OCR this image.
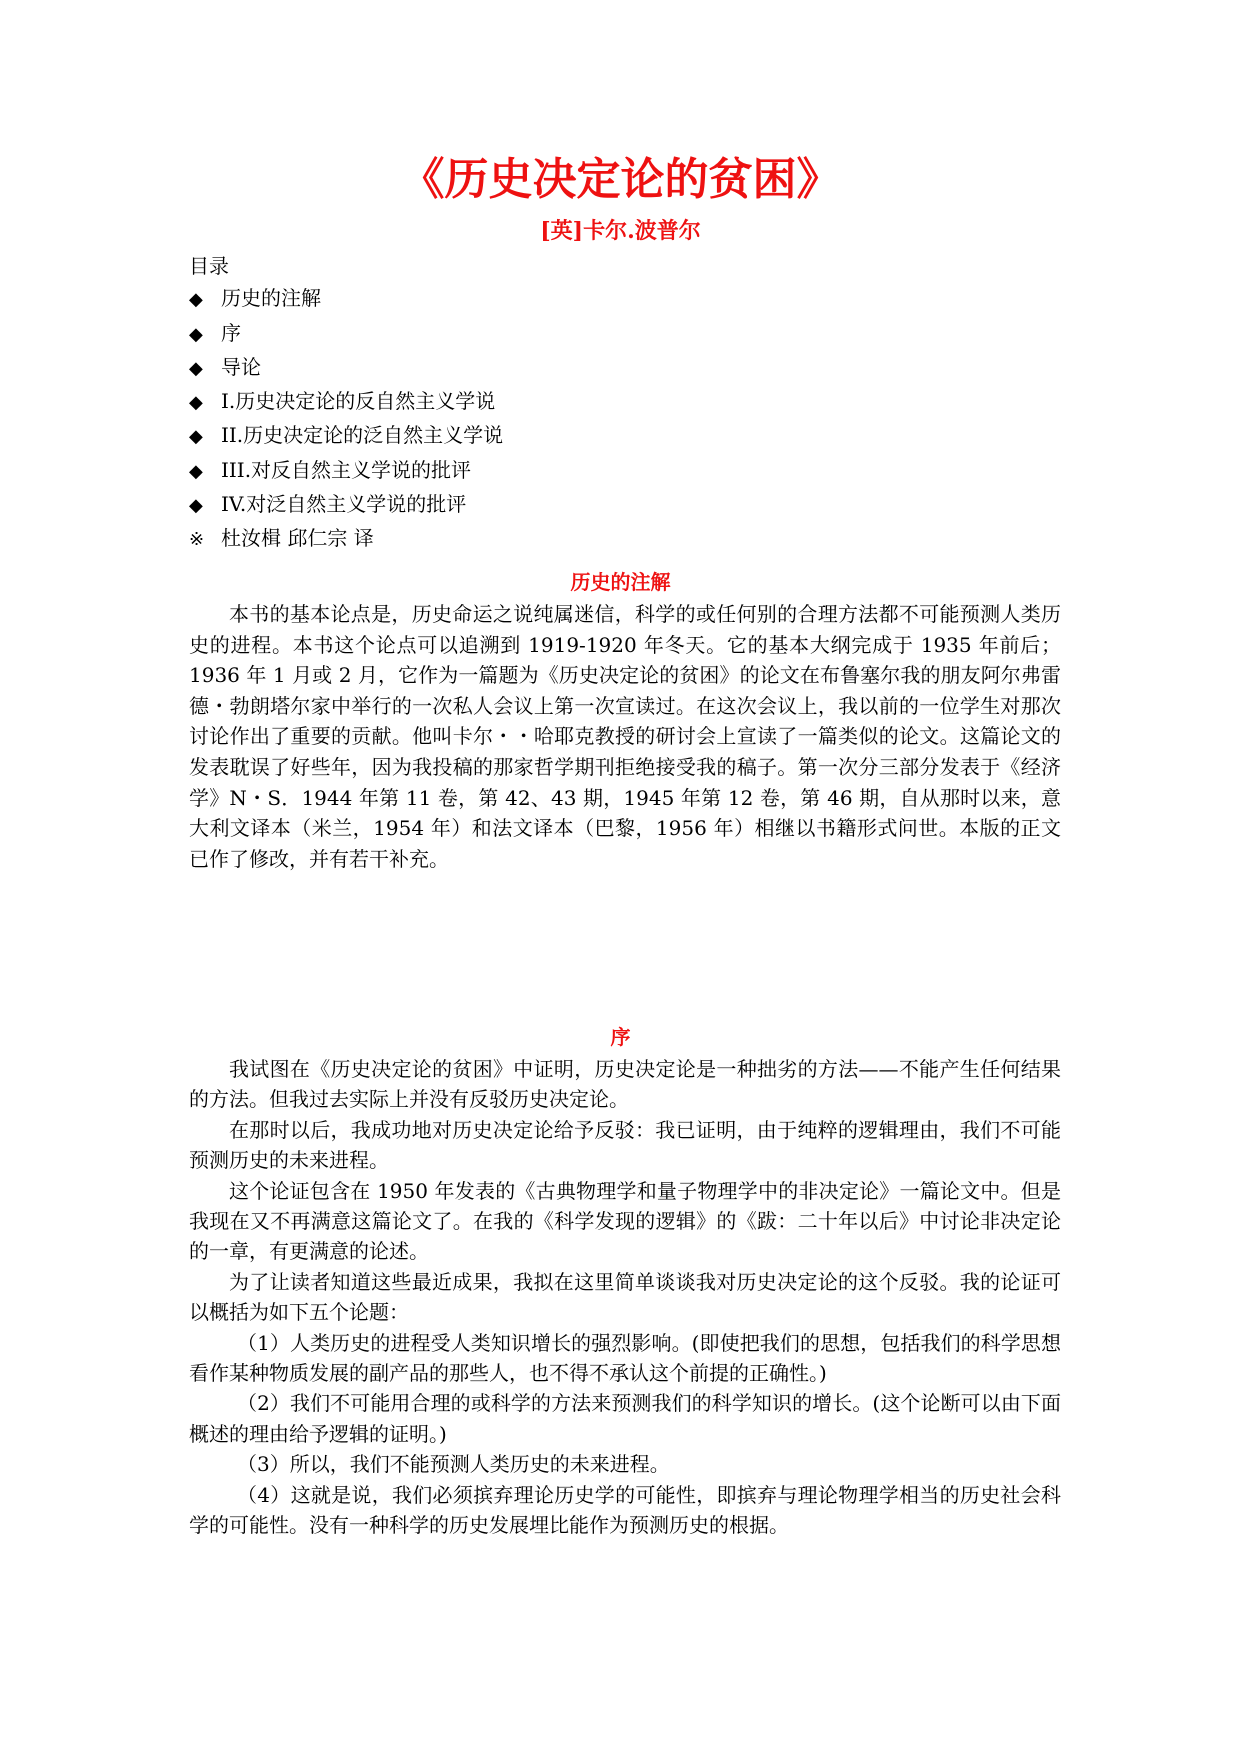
《历史决定论的贫困》
[英]卡尔.波普尔
目录
◆ 历史的注解
◆ 序
◆ 导论
◆ I.历史决定论的反自然主义学说
◆ II.历史决定论的泛自然主义学说
◆ III.对反自然主义学说的批评
◆ IV.对泛自然主义学说的批评
※ 杜汝楫 邱仁宗 译
历史的注解

本书的基本论点是，历史命运之说纯属迷信，科学的或任何别的合理方法都不可能预测人类历史的进程。本书这个论点可以追溯到 1919-1920 年冬天。它的基本大纲完成于 1935 年前后；1936 年 1 月或 2 月，它作为一篇题为《历史决定论的贫困》的论文在布鲁塞尔我的朋友阿尔弗雷德・勃朗塔尔家中举行的一次私人会议上第一次宣读过。在这次会议上，我以前的一位学生对那次讨论作出了重要的贡献。他叫卡尔・・哈耶克教授的研讨会上宣读了一篇类似的论文。这篇论文的发表耽误了好些年，因为我投稿的那家哲学期刊拒绝接受我的稿子。第一次分三部分发表于《经济学》N・S．1944 年第 11 卷，第 42、43 期，1945 年第 12 卷，第 46 期，自从那时以来，意大利文译本（米兰，1954 年）和法文译本（巴黎，1956 年）相继以书籍形式问世。本版的正文已作了修改，并有若干补充。

序

我试图在《历史决定论的贫困》中证明，历史决定论是一种拙劣的方法——不能产生任何结果的方法。但我过去实际上并没有反驳历史决定论。

在那时以后，我成功地对历史决定论给予反驳：我已证明，由于纯粹的逻辑理由，我们不可能预测历史的未来进程。

这个论证包含在 1950 年发表的《古典物理学和量子物理学中的非决定论》一篇论文中。但是我现在又不再满意这篇论文了。在我的《科学发现的逻辑》的《跋：二十年以后》中讨论非决定论的一章，有更满意的论述。

为了让读者知道这些最近成果，我拟在这里简单谈谈我对历史决定论的这个反驳。我的论证可以概括为如下五个论题：

（1）人类历史的进程受人类知识增长的强烈影响。(即使把我们的思想，包括我们的科学思想看作某种物质发展的副产品的那些人，也不得不承认这个前提的正确性。)

（2）我们不可能用合理的或科学的方法来预测我们的科学知识的增长。(这个论断可以由下面概述的理由给予逻辑的证明。)

（3）所以，我们不能预测人类历史的未来进程。

（4）这就是说，我们必须摈弃理论历史学的可能性，即摈弃与理论物理学相当的历史社会科学的可能性。没有一种科学的历史发展埋比能作为预测历史的根据。
